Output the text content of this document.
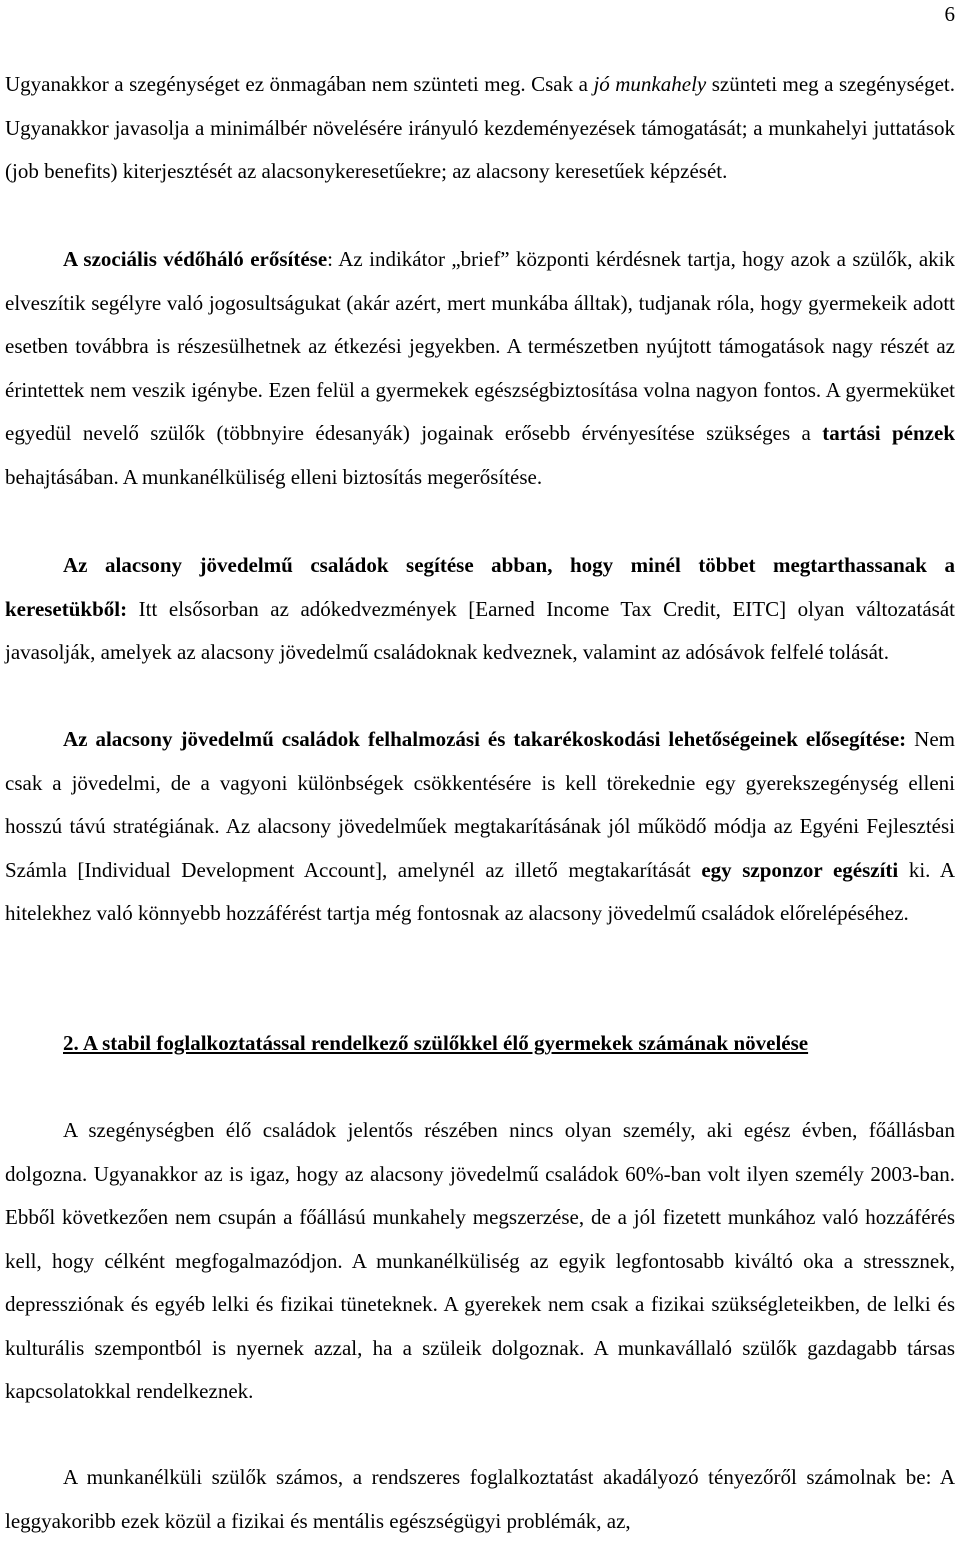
6

Ugyanakkor a szegénységet ez önmagában nem szünteti meg. Csak a jó munkahely szünteti meg a szegénységet. Ugyanakkor javasolja a minimálbér növelésére irányuló kezdeményezések támogatását; a munkahelyi juttatások (job benefits) kiterjesztését az alacsonykeresetűekre; az alacsony keresetűek képzését.

A szociális védőháló erősítése: Az indikátor „brief” központi kérdésnek tartja, hogy azok a szülők, akik elveszítik segélyre való jogosultságukat (akár azért, mert munkába álltak), tudjanak róla, hogy gyermekeik adott esetben továbbra is részesülhetnek az étkezési jegyekben. A természetben nyújtott támogatások nagy részét az érintettek nem veszik igénybe. Ezen felül a gyermekek egészségbiztosítása volna nagyon fontos. A gyermeküket egyedül nevelő szülők (többnyire édesanyák) jogainak erősebb érvényesítése szükséges a tartási pénzek behajtásában. A munkanélküliség elleni biztosítás megerősítése.

Az alacsony jövedelmű családok segítése abban, hogy minél többet megtarthassanak a keresetükből: Itt elsősorban az adókedvezmények [Earned Income Tax Credit, EITC] olyan változatását javasolják, amelyek az alacsony jövedelmű családoknak kedveznek, valamint az adósávok felfelé tolását.

Az alacsony jövedelmű családok felhalmozási és takarékoskodási lehetőségeinek elősegítése: Nem csak a jövedelmi, de a vagyoni különbségek csökkentésére is kell törekednie egy gyerekszegénység elleni hosszú távú stratégiának. Az alacsony jövedelműek megtakarításának jól működő módja az Egyéni Fejlesztési Számla [Individual Development Account], amelynél az illető megtakarítását egy szponzor egészíti ki. A hitelekhez való könnyebb hozzáférést tartja még fontosnak az alacsony jövedelmű családok előrelépéséhez.

2. A stabil foglalkoztatással rendelkező szülőkkel élő gyermekek számának növelése

A szegénységben élő családok jelentős részében nincs olyan személy, aki egész évben, főállásban dolgozna. Ugyanakkor az is igaz, hogy az alacsony jövedelmű családok 60%-ban volt ilyen személy 2003-ban. Ebből következően nem csupán a főállású munkahely megszerzése, de a jól fizetett munkához való hozzáférés kell, hogy célként megfogalmazódjon. A munkanélküliség az egyik legfontosabb kiváltó oka a stressznek, depressziónak és egyéb lelki és fizikai tüneteknek. A gyerekek nem csak a fizikai szükségleteikben, de lelki és kulturális szempontból is nyernek azzal, ha a szüleik dolgoznak. A munkavállaló szülők gazdagabb társas kapcsolatokkal rendelkeznek.

A munkanélküli szülők számos, a rendszeres foglalkoztatást akadályozó tényezőről számolnak be: A leggyakoribb ezek közül a fizikai és mentális egészségügyi problémák, az,
